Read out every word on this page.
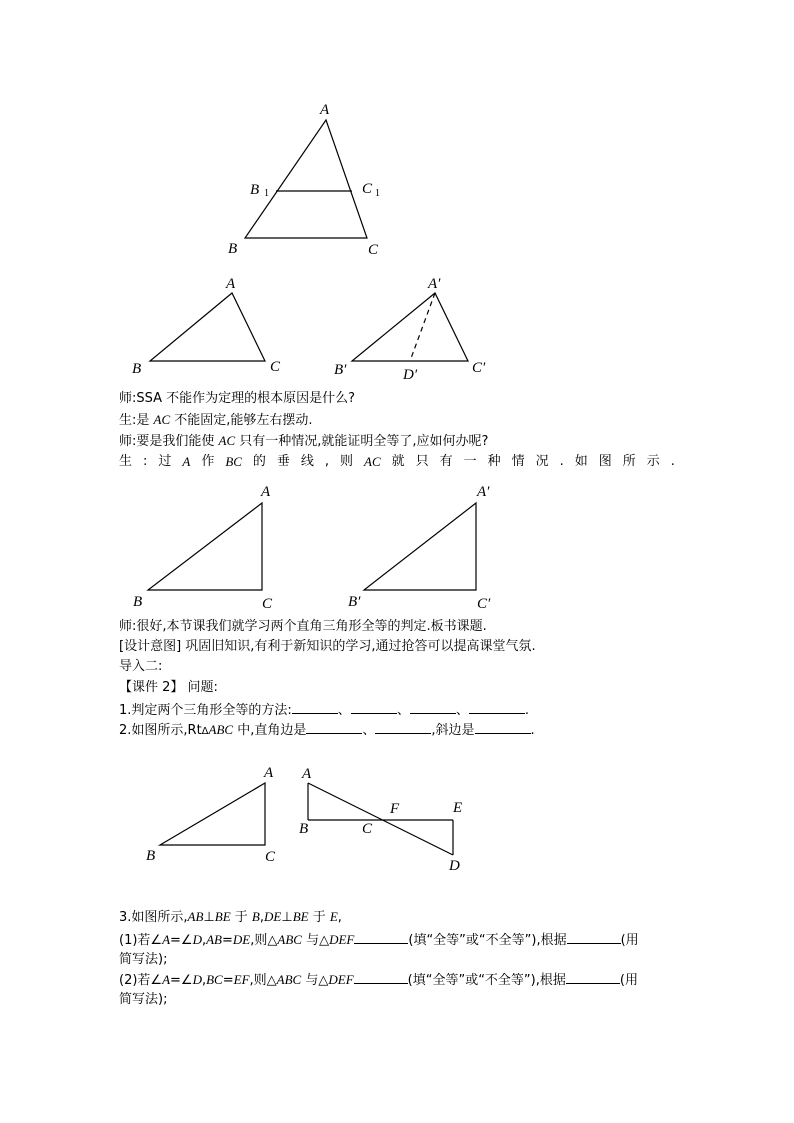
A
B 1	C 1
B	C
A
B	C
A′
B′	C′
D′
A
B	C
A′
B′	C′
A
B	C
A
B	C
F	E
D
师:SSA 不能作为定理的根本原因是什么?
生:是 AC 不能固定,能够左右摆动.
师:要是我们能使 AC 只有一种情况,就能证明全等了,应如何办呢?
生 : 过 A 作 BC 的 垂 线 , 则 AC 就 只 有 一 种 情 况 . 如 图 所 示 .
师:很好,本节课我们就学习两个直角三角形全等的判定.板书课题.
[设计意图] 巩固旧知识,有利于新知识的学习,通过抢答可以提高课堂气氛.
导入二:
【课件 2】 问题:
1.判定两个三角形全等的方法:	、	、	、	.
2.如图所示,RtΔABC 中,直角边是	、	,斜边是	.
3.如图所示,AB⊥BE 于 B,DE⊥BE 于 E,
(1)若∠A=∠D,AB=DE,则△ABC 与△DEF	(填“全等”或“不全等”),根据	(用
简写法);
(2)若∠A=∠D,BC=EF,则△ABC 与△DEF	(填“全等”或“不全等”),根据	(用
简写法);
